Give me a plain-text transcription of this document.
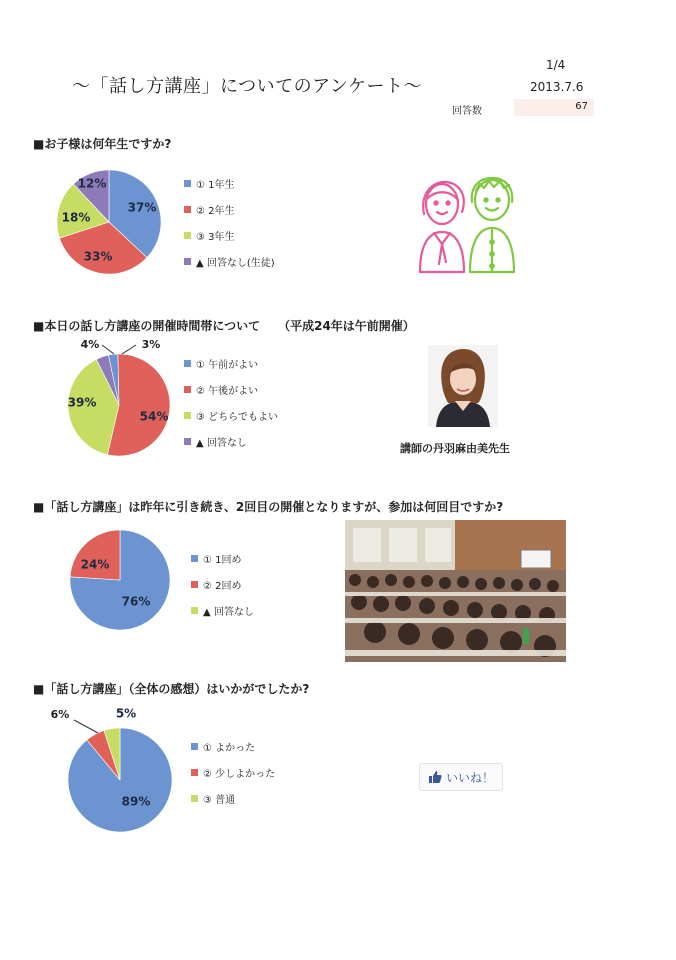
〜「話し方講座」についてのアンケート〜
1/4
2013.7.6
回答数	67
■お子様は何年生ですか?
■本日の話し方講座の開催時間帯について　　（平成24年は午前開催）
■「話し方講座」は昨年に引き続き、2回目の開催となりますが、参加は何回目ですか?
■「話し方講座」（全体の感想）はいかがでしたか?
37%
33%
18%
12%
3%
54%
39%
4%
76%
24%
89%
6%	5%
① 1年生
② 2年生
③ 3年生
▲ 回答なし(生徒)
① 午前がよい
② 午後がよい
③ どちらでもよい
▲ 回答なし
① 1回め
② 2回め
▲ 回答なし
① よかった
② 少しよかった
③ 普通
講師の丹羽麻由美先生
いいね！
